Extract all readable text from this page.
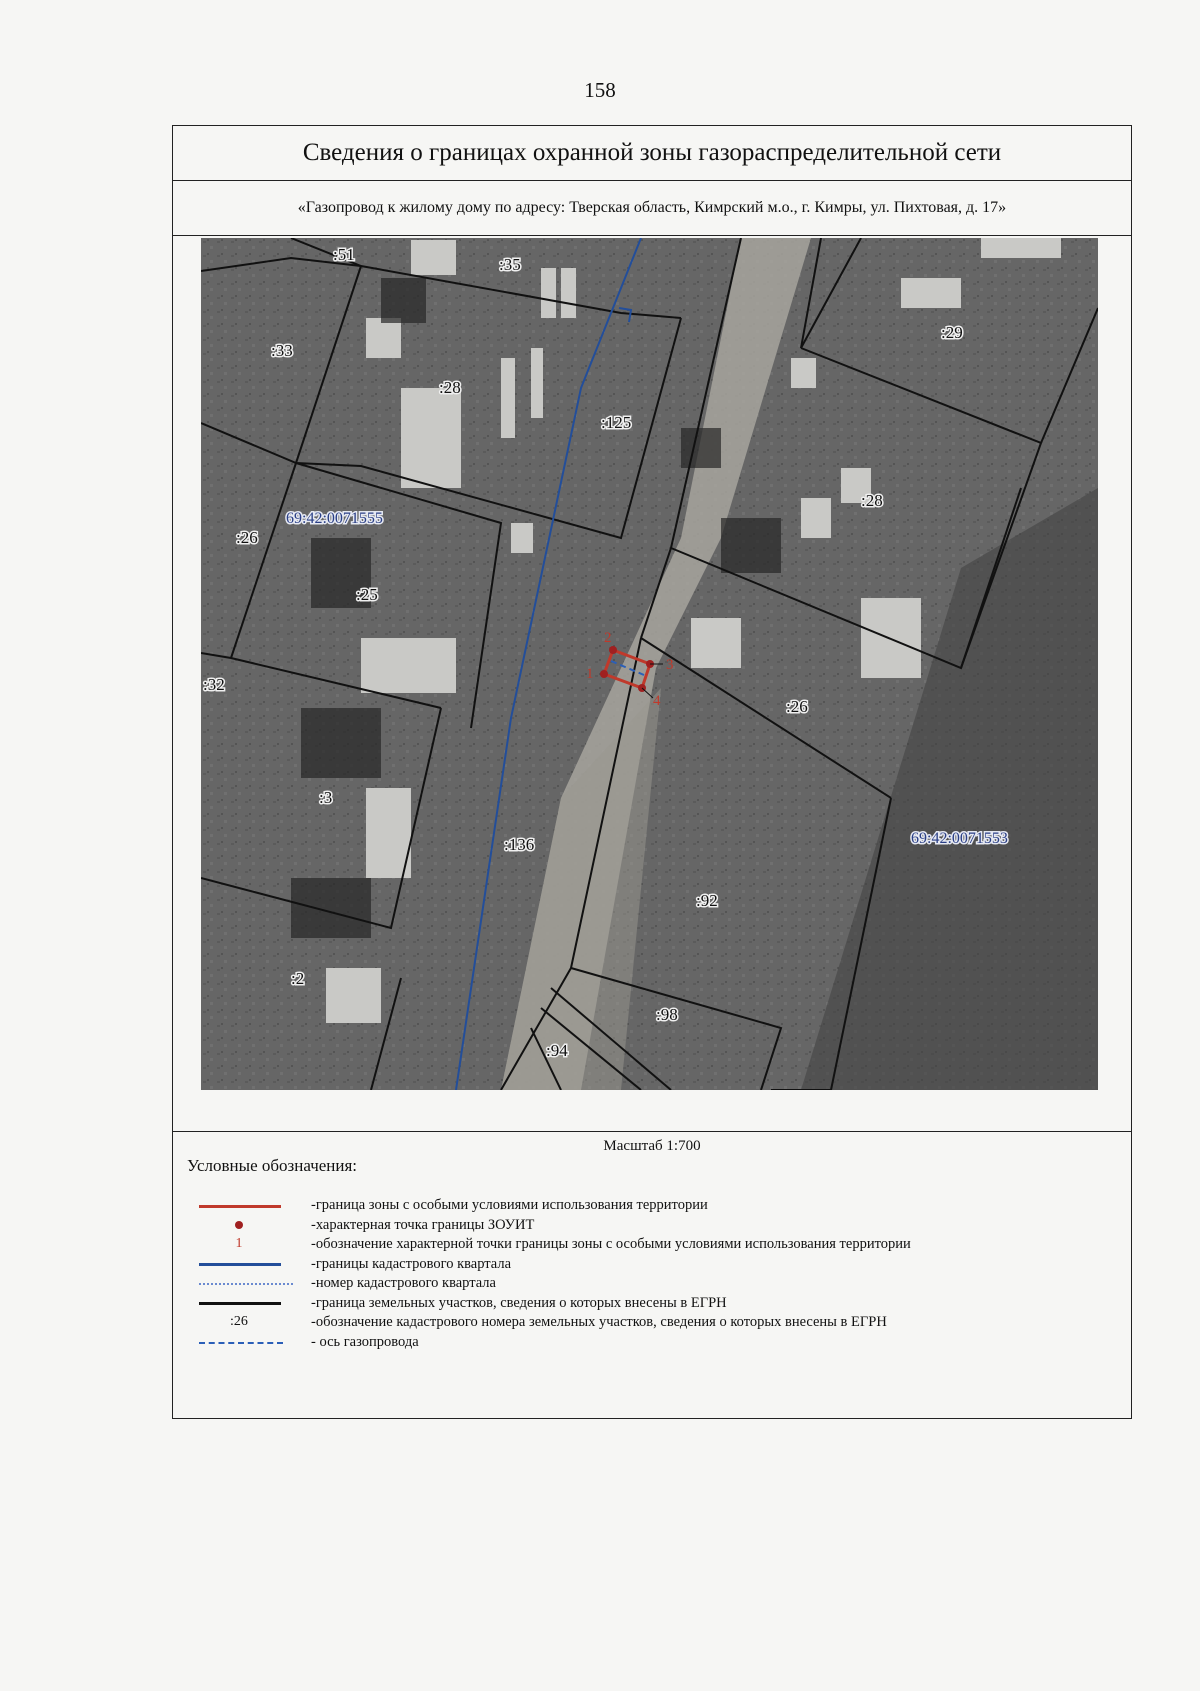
158
Сведения о границах охранной зоны газораспределительной сети
«Газопровод к жилому дому по адресу: Тверская область, Кимрский м.о., г. Кимры, ул. Пихтовая, д. 17»
1
2
3
4
69:42:0071555
69:42:0071553
:51
:35
:33
:28
:125
:29
:28
:26
:25
:26
:32
:3
:136
:92
:2
:98
:94
Масштаб 1:700
Условные обозначения:
-граница зоны с особыми условиями использования территории
-характерная точка границы ЗОУИТ
1	-обозначение характерной точки границы зоны с особыми условиями использования территории
-границы кадастрового квартала
-номер кадастрового квартала
-граница земельных участков, сведения о которых внесены в ЕГРН
:26	-обозначение кадастрового номера земельных участков, сведения о которых внесены в ЕГРН
- ось газопровода
